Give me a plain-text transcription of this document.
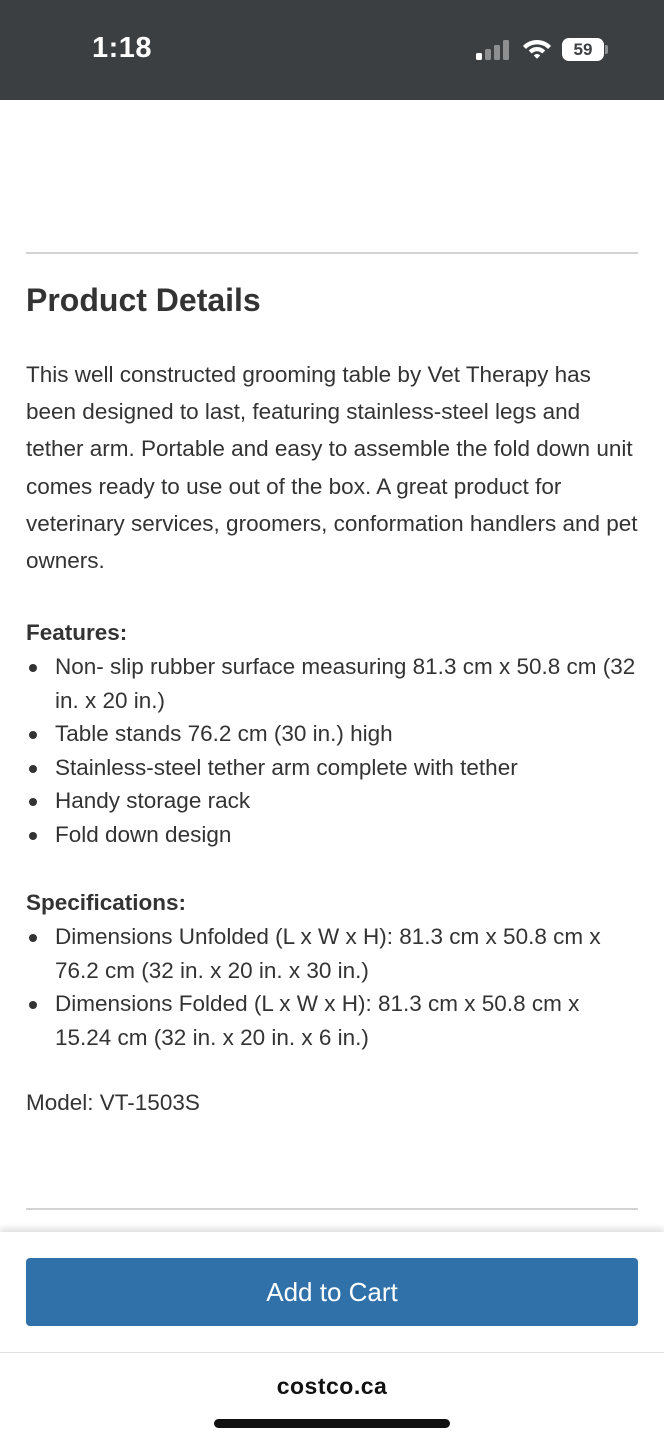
1:18	59
Product Details

This well constructed grooming table by Vet Therapy has been designed to last, featuring stainless-steel legs and tether arm. Portable and easy to assemble the fold down unit comes ready to use out of the box. A great product for veterinary services, groomers, conformation handlers and pet owners.

Features:
Non- slip rubber surface measuring 81.3 cm x 50.8 cm (32 in. x 20 in.)
Table stands 76.2 cm (30 in.) high
Stainless-steel tether arm complete with tether
Handy storage rack
Fold down design
Specifications:
Dimensions Unfolded (L x W x H): 81.3 cm x 50.8 cm x 76.2 cm (32 in. x 20 in. x 30 in.)
Dimensions Folded (L x W x H): 81.3 cm x 50.8 cm x 15.24 cm (32 in. x 20 in. x 6 in.)
Model: VT-1503S
Add to Cart
costco.ca
